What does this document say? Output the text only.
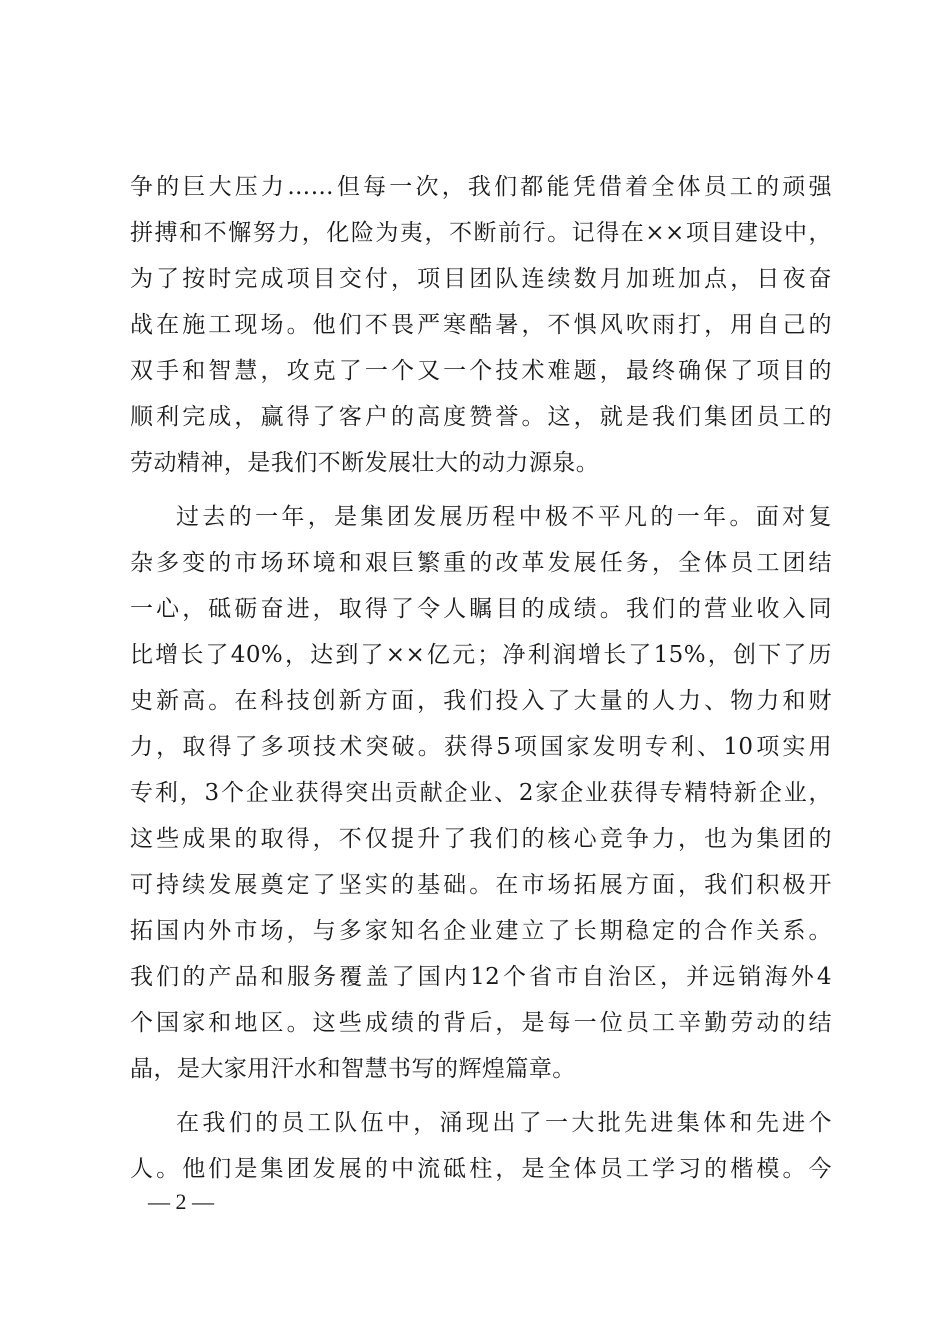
争的巨大压力……但每一次，我们都能凭借着全体员工的顽强
拼搏和不懈努力，化险为夷，不断前行。记得在××项目建设中，
为了按时完成项目交付，项目团队连续数月加班加点，日夜奋
战在施工现场。他们不畏严寒酷暑，不惧风吹雨打，用自己的
双手和智慧，攻克了一个又一个技术难题，最终确保了项目的
顺利完成，赢得了客户的高度赞誉。这，就是我们集团员工的
劳动精神，是我们不断发展壮大的动力源泉。
过去的一年，是集团发展历程中极不平凡的一年。面对复
杂多变的市场环境和艰巨繁重的改革发展任务，全体员工团结
一心，砥砺奋进，取得了令人瞩目的成绩。我们的营业收入同
比增长了40%，达到了××亿元；净利润增长了15%，创下了历
史新高。在科技创新方面，我们投入了大量的人力、物力和财
力，取得了多项技术突破。获得5项国家发明专利、10项实用
专利，3个企业获得突出贡献企业、2家企业获得专精特新企业，
这些成果的取得，不仅提升了我们的核心竞争力，也为集团的
可持续发展奠定了坚实的基础。在市场拓展方面，我们积极开
拓国内外市场，与多家知名企业建立了长期稳定的合作关系。
我们的产品和服务覆盖了国内12个省市自治区，并远销海外4
个国家和地区。这些成绩的背后，是每一位员工辛勤劳动的结
晶，是大家用汗水和智慧书写的辉煌篇章。
在我们的员工队伍中，涌现出了一大批先进集体和先进个
人。他们是集团发展的中流砥柱，是全体员工学习的楷模。今
— 2 —
